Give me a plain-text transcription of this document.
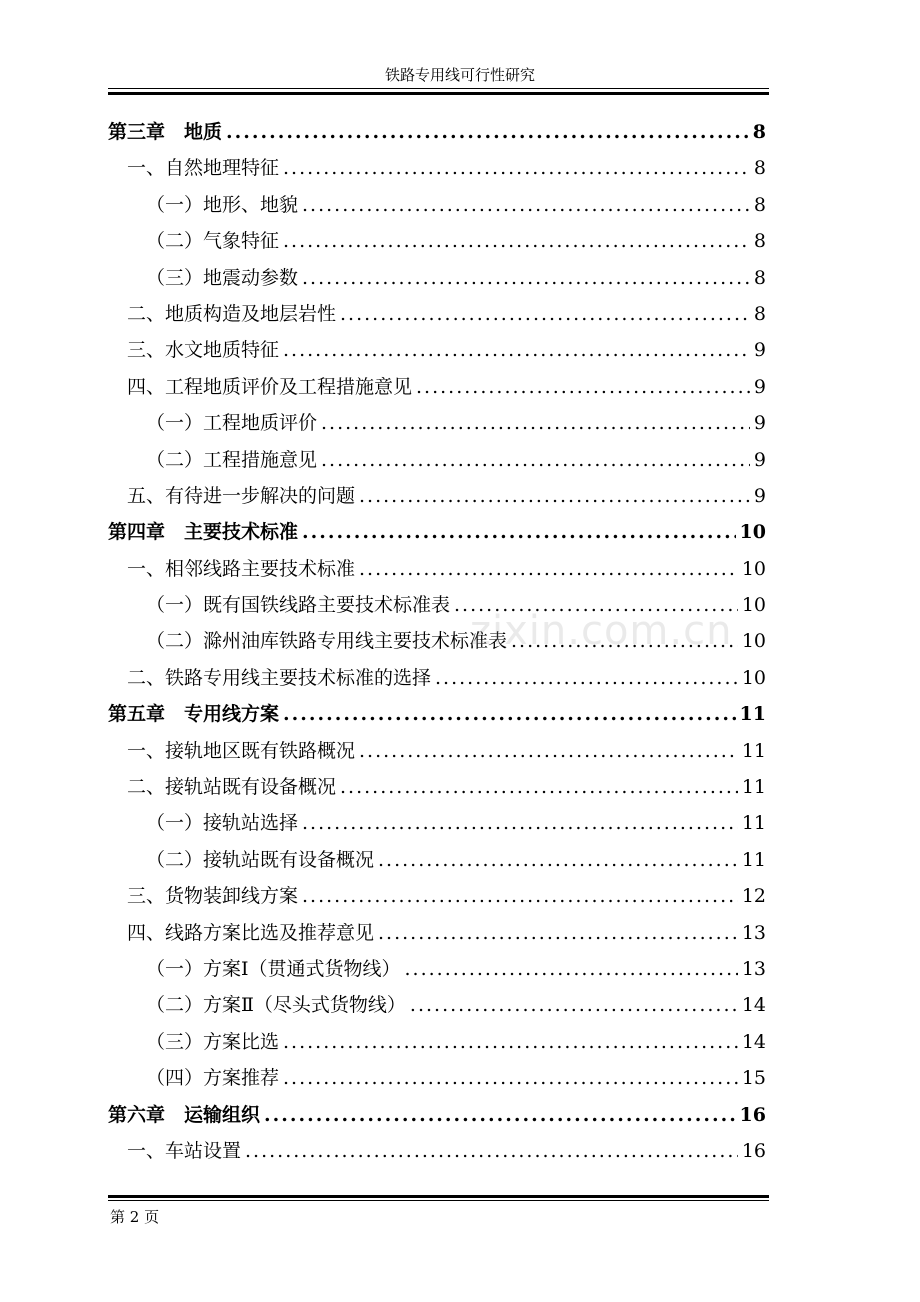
铁路专用线可行性研究
第三章　地质 .....	8
一、自然地理特征 .....	8
（一）地形、地貌 .....	8
（二）气象特征 .....	8
（三）地震动参数 .....	8
二、地质构造及地层岩性 .....	8
三、水文地质特征 .....	9
四、工程地质评价及工程措施意见 .....	9
（一）工程地质评价 .....	9
（二）工程措施意见 .....	9
五、有待进一步解决的问题 .....	9
第四章　主要技术标准 .....	10
一、相邻线路主要技术标准 .....	10
（一）既有国铁线路主要技术标准表 .....	10
（二）滁州油库铁路专用线主要技术标准表 .....	10
二、铁路专用线主要技术标准的选择 .....	10
第五章　专用线方案 .....	11
一、接轨地区既有铁路概况 .....	11
二、接轨站既有设备概况 .....	11
（一）接轨站选择 .....	11
（二）接轨站既有设备概况 .....	11
三、货物装卸线方案 .....	12
四、线路方案比选及推荐意见 .....	13
（一）方案Ⅰ（贯通式货物线） .....	13
（二）方案Ⅱ（尽头式货物线） .....	14
（三）方案比选 .....	14
（四）方案推荐 .....	15
第六章　运输组织 .....	16
一、车站设置 .....	16
zixin.com.cn
第 2 页
